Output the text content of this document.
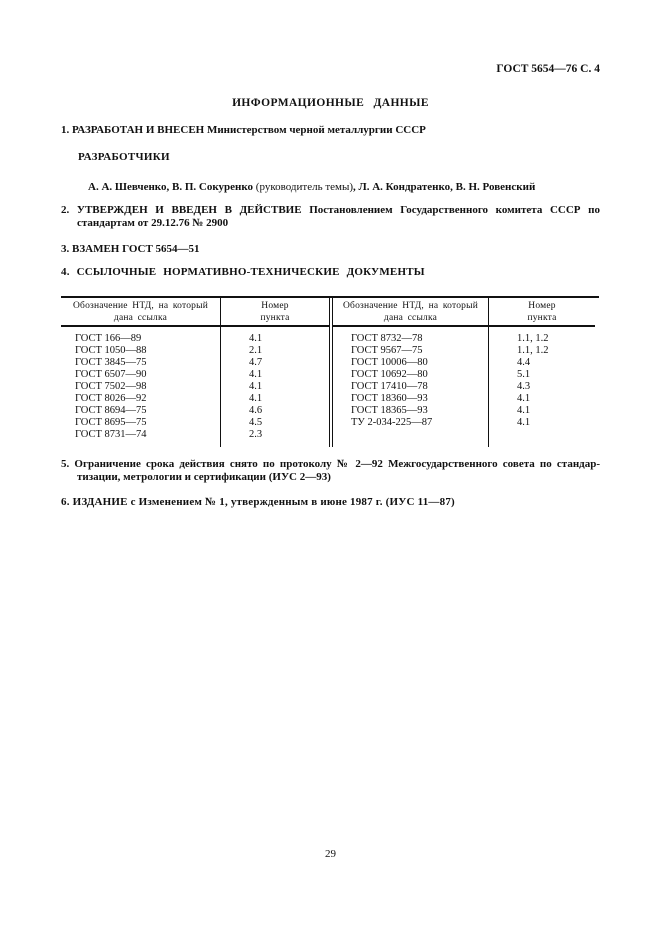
ГОСТ 5654—76 С. 4
ИНФОРМАЦИОННЫЕ ДАННЫЕ
1. РАЗРАБОТАН И ВНЕСЕН Министерством черной металлургии СССР
РАЗРАБОТЧИКИ
А. А. Шевченко, В. П. Сокуренко (руководитель темы), Л. А. Кондратенко, В. Н. Ровенский
2. УТВЕРЖДЕН И ВВЕДЕН В ДЕЙСТВИЕ Постановлением Государственного комитета СССР по
стандартам от 29.12.76 № 2900
3. ВЗАМЕН ГОСТ 5654—51
4. ССЫЛОЧНЫЕ НОРМАТИВНО-ТЕХНИЧЕСКИЕ ДОКУМЕНТЫ
Обозначение НТД, на который дана ссылка
Номер пункта
ГОСТ 166—89
ГОСТ 1050—88
ГОСТ 3845—75
ГОСТ 6507—90
ГОСТ 7502—98
ГОСТ 8026—92
ГОСТ 8694—75
ГОСТ 8695—75
ГОСТ 8731—74
4.1
2.1
4.7
4.1
4.1
4.1
4.6
4.5
2.3
Обозначение НТД, на который дана ссылка
Номер пункта
ГОСТ 8732—78
ГОСТ 9567—75
ГОСТ 10006—80
ГОСТ 10692—80
ГОСТ 17410—78
ГОСТ 18360—93
ГОСТ 18365—93
ТУ 2-034-225—87
1.1, 1.2
1.1, 1.2
4.4
5.1
4.3
4.1
4.1
4.1
5. Ограничение срока действия снято по протоколу № 2—92 Межгосударственного совета по стандар-
тизации, метрологии и сертификации (ИУС 2—93)
6. ИЗДАНИЕ с Изменением № 1, утвержденным в июне 1987 г. (ИУС 11—87)
29
